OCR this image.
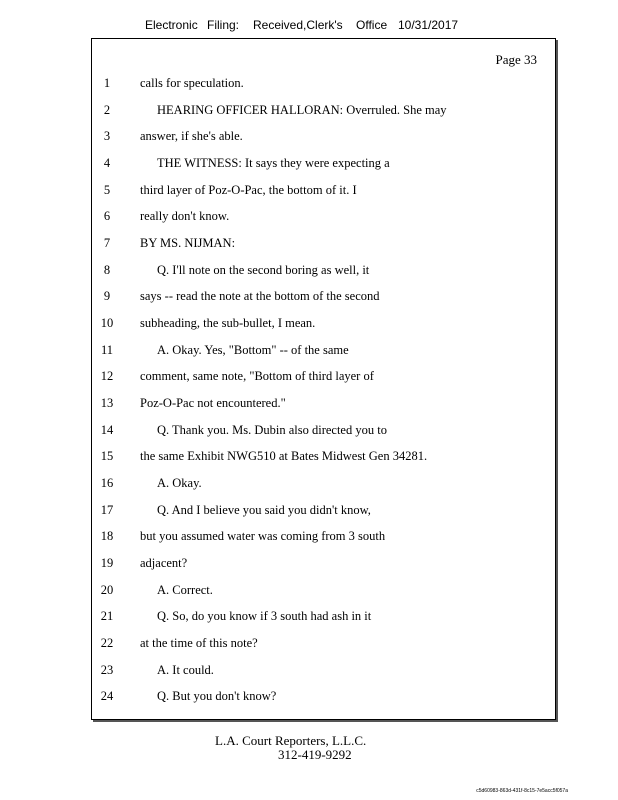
Electronic Filing: Received,Clerk's Office 10/31/2017
Page 33
1	calls for speculation.
2	HEARING OFFICER HALLORAN: Overruled. She may
3	answer, if she's able.
4	THE WITNESS: It says they were expecting a
5	third layer of Poz-O-Pac, the bottom of it. I
6	really don't know.
7	BY MS. NIJMAN:
8	Q. I'll note on the second boring as well, it
9	says -- read the note at the bottom of the second
10	subheading, the sub-bullet, I mean.
11	A. Okay. Yes, "Bottom" -- of the same
12	comment, same note, "Bottom of third layer of
13	Poz-O-Pac not encountered."
14	Q. Thank you. Ms. Dubin also directed you to
15	the same Exhibit NWG510 at Bates Midwest Gen 34281.
16	A. Okay.
17	Q. And I believe you said you didn't know,
18	but you assumed water was coming from 3 south
19	adjacent?
20	A. Correct.
21	Q. So, do you know if 3 south had ash in it
22	at the time of this note?
23	A. It could.
24	Q. But you don't know?
L.A. Court Reporters, L.L.C.
312-419-9292
c5d60983-863d-431f-8c15-7e5acc5f057a
